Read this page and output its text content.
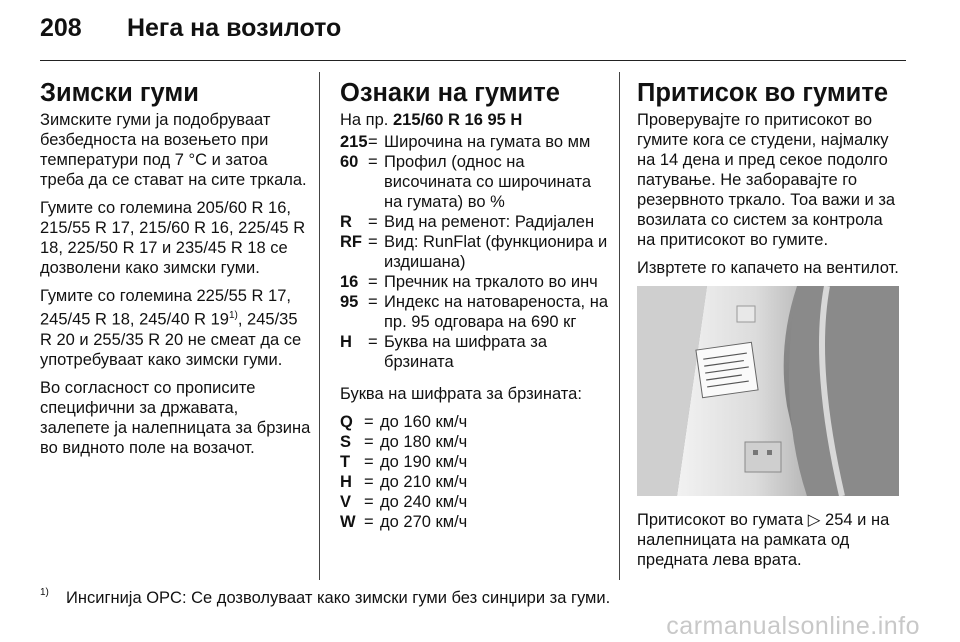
208 Нега на возилото
Зимски гуми

Зимските гуми ја подобруваат безбедноста на возењето при температури под 7 °C и затоа треба да се стават на сите тркала.

Гумите со големина 205/60 R 16, 215/55 R 17, 215/60 R 16, 225/45 R 18, 225/50 R 17 и 235/45 R 18 се дозволени како зимски гуми.

Гумите со големина 225/55 R 17, 245/45 R 18, 245/40 R 19$^{1)}$, 245/35 R 20 и 255/35 R 20 не смеат да се употребуваат како зимски гуми.

Во согласност со прописите специфични за државата, залепете ја налепницата за брзина во видното поле на возачот.

Ознаки на гумите

На пр. 215/60 R 16 95 H

215	=	Широчина на гумата во мм
60	=	Профил (однос на височината со широчината на гумата) во %
R	=	Вид на ременот: Радијален
RF	=	Вид: RunFlat (функционира и издишана)
16	=	Пречник на тркалото во инч
95	=	Индекс на натовареноста, на пр. 95 одговара на 690 кг
H	=	Буква на шифрата за брзината

Буква на шифрата за брзината:

Q	=	до 160 км/ч
S	=	до 180 км/ч
T	=	до 190 км/ч
H	=	до 210 км/ч
V	=	до 240 км/ч
W	=	до 270 км/ч
Притисок во гумите

Проверувајте го притисокот во гумите кога се студени, најмалку на 14 дена и пред секое подолго патување. Не заборавајте го резервното тркало. Тоа важи и за возилата со систем за контрола на притисокот во гумите.

Извртете го капачето на вентилот.

Притисокот во гумата ▷ 254 и на налепницата на рамката од предната лева врата.

$^{1)}$ Инсигнија OPC: Се дозволуваат како зимски гуми без синџири за гуми.
carmanualsonline.info
